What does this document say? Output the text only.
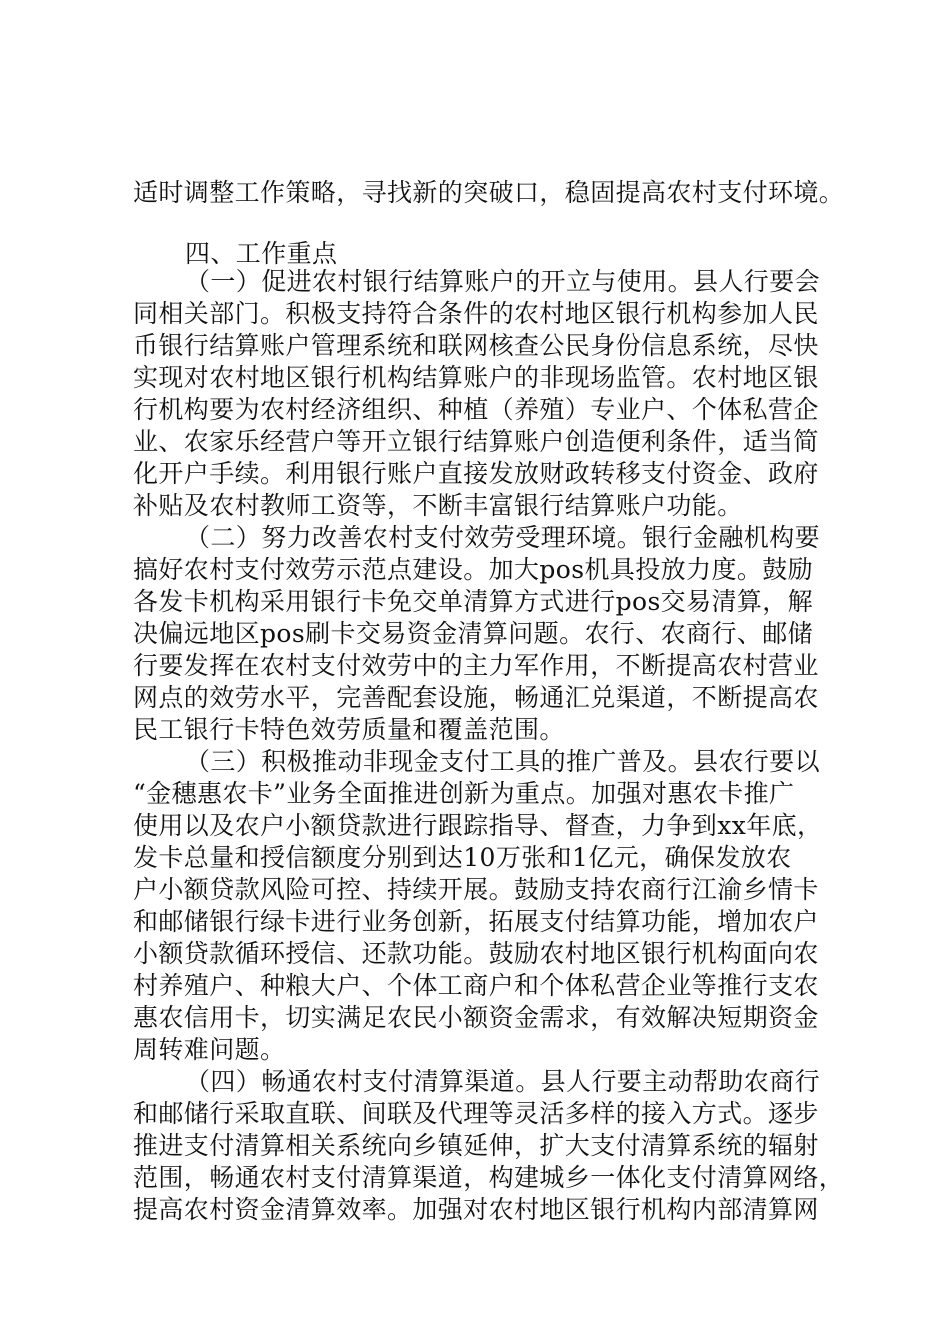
适时调整工作策略，寻找新的突破口，稳固提高农村支付环境。

四、工作重点

（一）促进农村银行结算账户的开立与使用。县人行要会

同相关部门。积极支持符合条件的农村地区银行机构参加人民

币银行结算账户管理系统和联网核查公民身份信息系统，尽快

实现对农村地区银行机构结算账户的非现场监管。农村地区银

行机构要为农村经济组织、种植（养殖）专业户、个体私营企

业、农家乐经营户等开立银行结算账户创造便利条件，适当简

化开户手续。利用银行账户直接发放财政转移支付资金、政府

补贴及农村教师工资等，不断丰富银行结算账户功能。

（二）努力改善农村支付效劳受理环境。银行金融机构要

搞好农村支付效劳示范点建设。加大pos机具投放力度。鼓励

各发卡机构采用银行卡免交单清算方式进行pos交易清算，解

决偏远地区pos刷卡交易资金清算问题。农行、农商行、邮储

行要发挥在农村支付效劳中的主力军作用，不断提高农村营业

网点的效劳水平，完善配套设施，畅通汇兑渠道，不断提高农

民工银行卡特色效劳质量和覆盖范围。

（三）积极推动非现金支付工具的推广普及。县农行要以

“金穗惠农卡”业务全面推进创新为重点。加强对惠农卡推广

使用以及农户小额贷款进行跟踪指导、督查，力争到xx年底，

发卡总量和授信额度分别到达10万张和1亿元，确保发放农

户小额贷款风险可控、持续开展。鼓励支持农商行江渝乡情卡

和邮储银行绿卡进行业务创新，拓展支付结算功能，增加农户

小额贷款循环授信、还款功能。鼓励农村地区银行机构面向农

村养殖户、种粮大户、个体工商户和个体私营企业等推行支农

惠农信用卡，切实满足农民小额资金需求，有效解决短期资金

周转难问题。

（四）畅通农村支付清算渠道。县人行要主动帮助农商行

和邮储行采取直联、间联及代理等灵活多样的接入方式。逐步

推进支付清算相关系统向乡镇延伸，扩大支付清算系统的辐射

范围，畅通农村支付清算渠道，构建城乡一体化支付清算网络，

提高农村资金清算效率。加强对农村地区银行机构内部清算网
